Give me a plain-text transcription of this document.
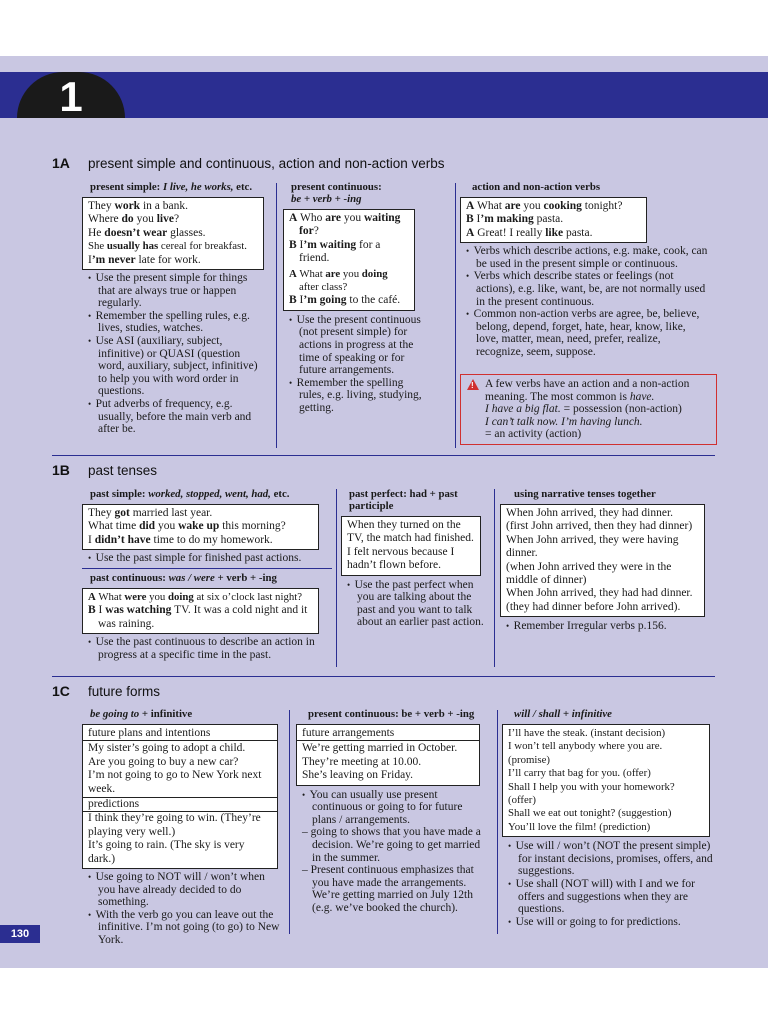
1
1A present simple and continuous, action and non-action verbs
present simple: I live, he works, etc.
They work in a bank.
Where do you live?
He doesn’t wear glasses.
She usually has cereal for breakfast.
I’m never late for work.
•  Use the present simple for things that are always true or happen regularly.
•  Remember the spelling rules, e.g. lives, studies, watches.
•  Use ASI (auxiliary, subject, infinitive) or QUASI (question word, auxiliary, subject, infinitive) to help you with word order in questions.
•  Put adverbs of frequency, e.g. usually, before the main verb and after be.
present continuous:
be + verb + -ing
A Who are you waiting for?
B I’m waiting for a friend.
A What are you doing after class?
B I’m going to the café.
•  Use the present continuous (not present simple) for actions in progress at the time of speaking or for future arrangements.
•  Remember the spelling rules, e.g. living, studying, getting.
action and non-action verbs
A What are you cooking tonight?
B I’m making pasta.
A Great! I really like pasta.
•  Verbs which describe actions, e.g. make, cook, can be used in the present simple or continuous.
•  Verbs which describe states or feelings (not actions), e.g. like, want, be, are not normally used in the present continuous.
•  Common non-action verbs are agree, be, believe, belong, depend, forget, hate, hear, know, like, love, matter, mean, need, prefer, realize, recognize, seem, suppose.
! A few verbs have an action and a non-action meaning. The most common is have.
I have a big flat. = possession (non-action)
I can’t talk now. I’m having lunch.
= an activity (action)
1B past tenses
past simple: worked, stopped, went, had, etc.
They got married last year.
What time did you wake up this morning?
I didn’t have time to do my homework.
•  Use the past simple for finished past actions.
past continuous: was / were + verb + -ing
A What were you doing at six o’clock last night?
B I was watching TV. It was a cold night and it was raining.
•  Use the past continuous to describe an action in progress at a specific time in the past.
past perfect: had + past participle
When they turned on the TV, the match had finished. I felt nervous because I hadn’t flown before.
•  Use the past perfect when you are talking about the past and you want to talk about an earlier past action.
using narrative tenses together
When John arrived, they had dinner.
(first John arrived, then they had dinner)
When John arrived, they were having dinner.
(when John arrived they were in the middle of dinner)
When John arrived, they had had dinner.
(they had dinner before John arrived).
•  Remember Irregular verbs p.156.
1C future forms
be going to + infinitive
future plans and intentions
My sister’s going to adopt a child.
Are you going to buy a new car?
I’m not going to go to New York next week.
predictions
I think they’re going to win. (They’re playing very well.)
It’s going to rain. (The sky is very dark.)
•  Use going to NOT will / won’t when you have already decided to do something.
•  With the verb go you can leave out the infinitive. I’m not going (to go) to New York.
present continuous: be + verb + -ing
future arrangements
We’re getting married in October.
They’re meeting at 10.00.
She’s leaving on Friday.
•  You can usually use present continuous or going to for future plans / arrangements.
– going to shows that you have made a decision. We’re going to get married in the summer.
– Present continuous emphasizes that you have made the arrangements. We’re getting married on July 12th (e.g. we’ve booked the church).
will / shall + infinitive
I’ll have the steak. (instant decision)
I won’t tell anybody where you are. (promise)
I’ll carry that bag for you. (offer)
Shall I help you with your homework? (offer)
Shall we eat out tonight? (suggestion)
You’ll love the film! (prediction)
•  Use will / won’t (NOT the present simple) for instant decisions, promises, offers, and suggestions.
•  Use shall (NOT will) with I and we for offers and suggestions when they are questions.
•  Use will or going to for predictions.
130
